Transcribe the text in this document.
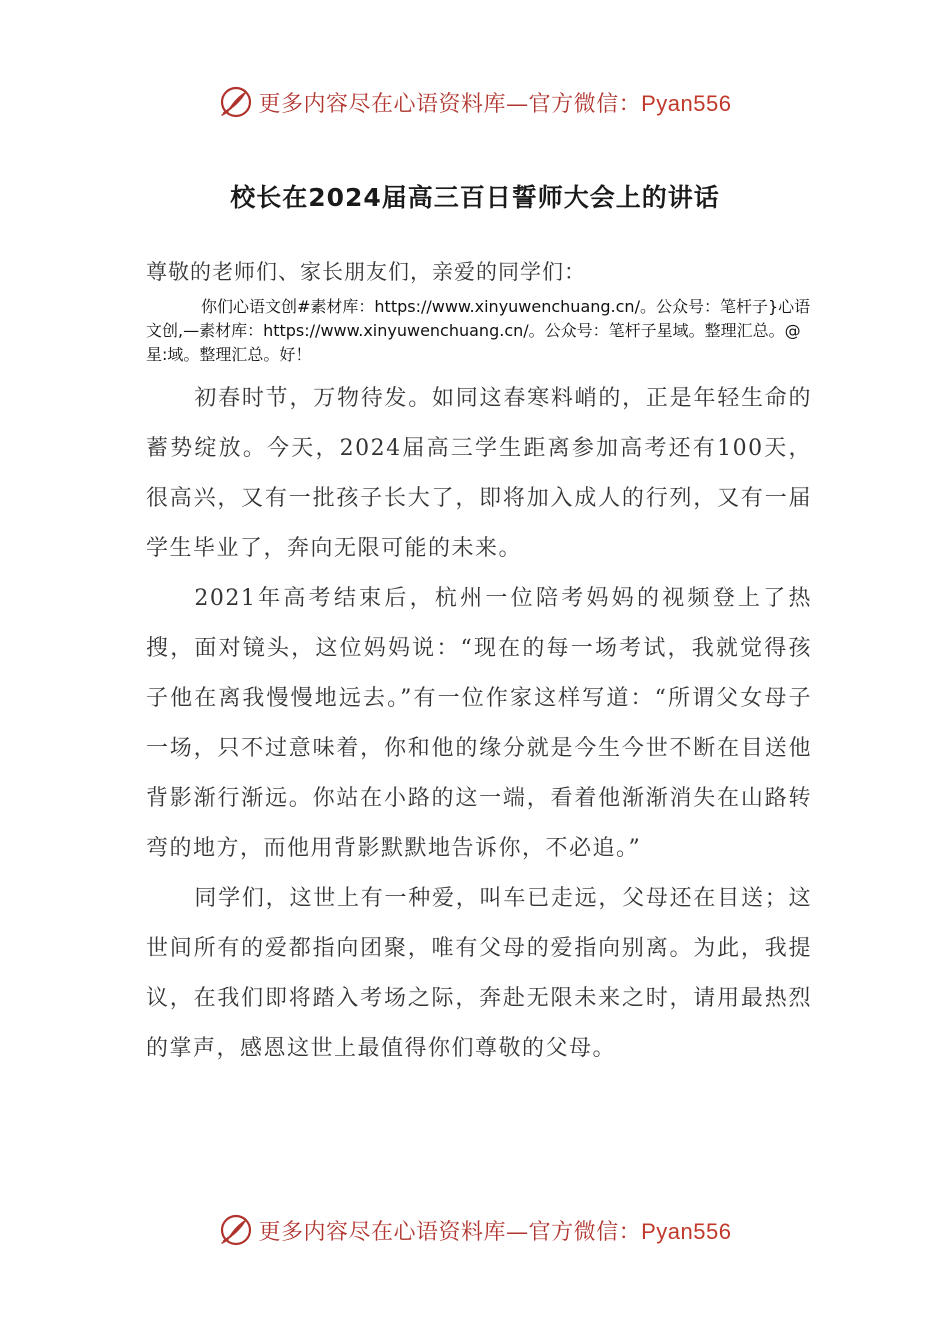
更多内容尽在心语资料库—官方微信：Pyan556
校长在2024届高三百日誓师大会上的讲话
尊敬的老师们、家长朋友们，亲爱的同学们：
你们心语文创#素材库：https://www.xinyuwenchuang.cn/。公众号：笔杆子}心语文创,—素材库：https://www.xinyuwenchuang.cn/。公众号：笔杆子星域。整理汇总。@星:域。整理汇总。好！

初春时节，万物待发。如同这春寒料峭的，正是年轻生命的蓄势绽放。今天，2024届高三学生距离参加高考还有100天，很高兴，又有一批孩子长大了，即将加入成人的行列，又有一届学生毕业了，奔向无限可能的未来。

2021年高考结束后，杭州一位陪考妈妈的视频登上了热搜，面对镜头，这位妈妈说：“现在的每一场考试，我就觉得孩子他在离我慢慢地远去。”有一位作家这样写道：“所谓父女母子一场，只不过意味着，你和他的缘分就是今生今世不断在目送他背影渐行渐远。你站在小路的这一端，看着他渐渐消失在山路转弯的地方，而他用背影默默地告诉你，不必追。”

同学们，这世上有一种爱，叫车已走远，父母还在目送；这世间所有的爱都指向团聚，唯有父母的爱指向别离。为此，我提议，在我们即将踏入考场之际，奔赴无限未来之时，请用最热烈的掌声，感恩这世上最值得你们尊敬的父母。

更多内容尽在心语资料库—官方微信：Pyan556
